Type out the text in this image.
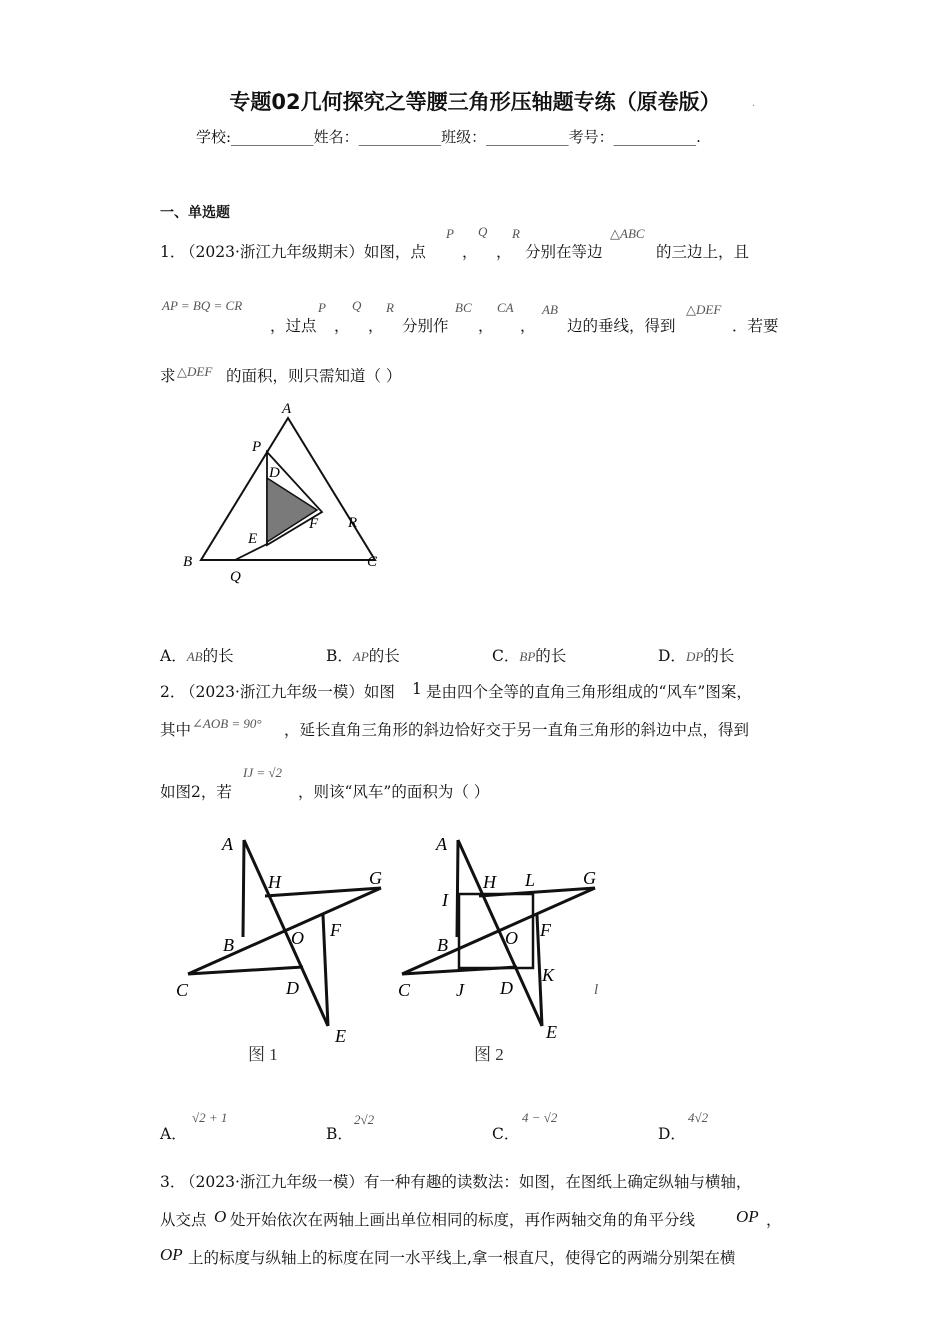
专题02几何探究之等腰三角形压轴题专练（原卷版）	.
学校:___________姓名：___________班级：___________考号：___________.
一、单选题
1．
（2023·浙江九年级期末）如图，点
P
，
Q
，
R
分别在等边
△ABC
的三边上，且
AP = BQ = CR
，过点
P
，
Q
，
R
分别作
BC
，
CA
，
AB
边的垂线，得到
△DEF
．若要
求 △DEF 的面积，则只需知道（ ）
A
P
D
F R
E
B
Q
C
A．AB的长	B．AP的长	C．BP的长	D．DP的长
2．
（2023·浙江九年级一模）如图 1 是由四个全等的直角三角形组成的“风车”图案，
其中 ∠AOB = 90° ，延长直角三角形的斜边恰好交于另一直角三角形的斜边中点，得到
如图2，若
IJ = √2
，则该“风车”的面积为（ ）
A
H	G
B	O F
C	D
E
图 1
A
I
H L	G
B	O F
K
C	J D
E
l
图 2
A．
√2 + 1
B．
2√2
C．
4 − √2
D．
4√2
3．
（2023·浙江九年级一模）有一种有趣的读数法：如图，在图纸上确定纵轴与横轴，
从交点 O 处开始依次在两轴上画出单位相同的标度，再作两轴交角的角平分线 OP ，
OP 上的标度与纵轴上的标度在同一水平线上,拿一根直尺，使得它的两端分别架在横
